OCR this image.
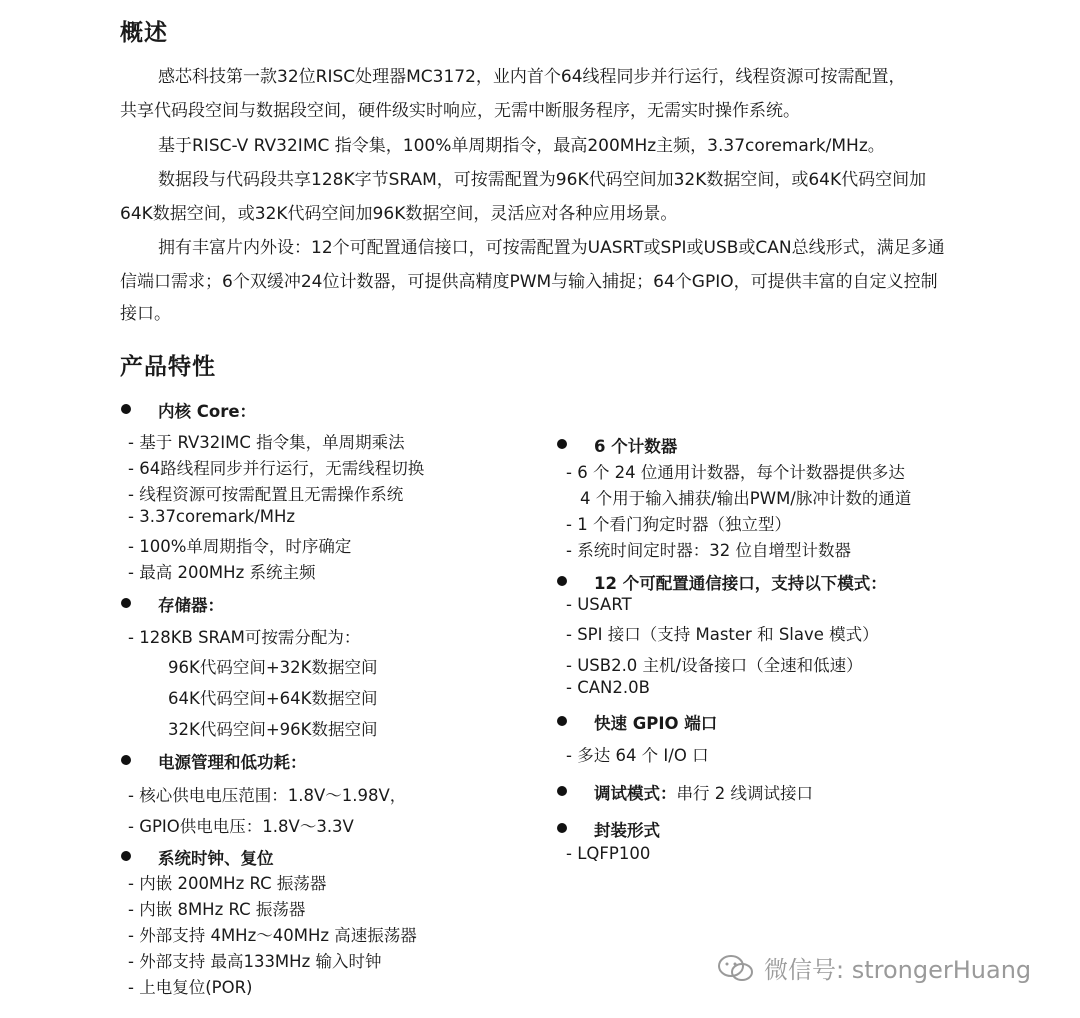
概述

感芯科技第一款32位RISC处理器MC3172，业内首个64线程同步并行运行，线程资源可按需配置，

共享代码段空间与数据段空间，硬件级实时响应，无需中断服务程序，无需实时操作系统。

基于RISC-V RV32IMC 指令集，100%单周期指令，最高200MHz主频，3.37coremark/MHz。

数据段与代码段共享128K字节SRAM，可按需配置为96K代码空间加32K数据空间，或64K代码空间加

64K数据空间，或32K代码空间加96K数据空间，灵活应对各种应用场景。

拥有丰富片内外设：12个可配置通信接口，可按需配置为UASRT或SPI或USB或CAN总线形式，满足多通

信端口需求；6个双缓冲24位计数器，可提供高精度PWM与输入捕捉；64个GPIO，可提供丰富的自定义控制

接口。

产品特性
内核 Core：
- 基于 RV32IMC 指令集，单周期乘法
- 64路线程同步并行运行，无需线程切换
- 线程资源可按需配置且无需操作系统
- 3.37coremark/MHz
- 100%单周期指令，时序确定
- 最高 200MHz 系统主频
存储器：
- 128KB SRAM可按需分配为：
96K代码空间+32K数据空间
64K代码空间+64K数据空间
32K代码空间+96K数据空间
电源管理和低功耗：
- 核心供电电压范围：1.8V～1.98V，
- GPIO供电电压：1.8V～3.3V
系统时钟、复位
- 内嵌 200MHz RC 振荡器
- 内嵌 8MHz RC 振荡器
- 外部支持 4MHz～40MHz 高速振荡器
- 外部支持 最高133MHz 输入时钟
- 上电复位(POR)
6 个计数器
- 6 个 24 位通用计数器，每个计数器提供多达
4 个用于输入捕获/输出PWM/脉冲计数的通道
- 1 个看门狗定时器（独立型）
- 系统时间定时器：32 位自增型计数器
12 个可配置通信接口，支持以下模式：
- USART
- SPI 接口（支持 Master 和 Slave 模式）
- USB2.0 主机/设备接口（全速和低速）
- CAN2.0B
快速 GPIO 端口
- 多达 64 个 I/O 口
调试模式：串行 2 线调试接口
封装形式
- LQFP100
微信号: strongerHuang
